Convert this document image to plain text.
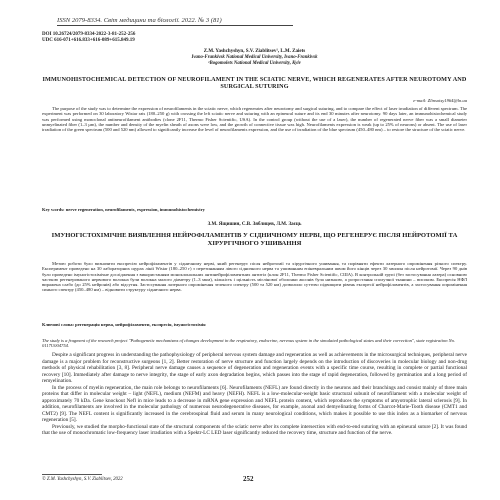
ISSN 2079-8334. Світ медицини та біології. 2022. № 3 (81)
DOI 10.26724/2079-8334-2022-3-81-252-256
UDC 616-071+616.833+616-089+615.849.19
Z.M. Yashchyshyn, S.V. Ziablitsev¹, L.M. Zaiets
Ivano-Frankivsk National Medical University, Ivano-Frankivsk
¹Bogomolets National Medical University, Kyiv
IMMUNOHISTOCHEMICAL DETECTION OF NEUROFILAMENT IN THE SCIATIC NERVE, WHICH REGENERATES AFTER NEUROTOMY AND SURGICAL SUTURING
e-mail: Zlinsotsy1964@ln.ua
The purpose of the study was to determine the expression of neurofilaments in the sciatic nerve, which regenerates after neurotomy and surgical suturing, and to compare the effect of laser irradiation of different spectrum. The experiment was performed on 30 laboratory Wistar rats (180–250 g) with crossing the left sciatic nerve and suturing with an epineural suture and its end 30 minutes after neurotomy. 90 days later, an immunohistochemical study was performed using monoclonal antineurofilament antibodies (clone 2F11, Thermo Fisher Scientific, USA). In the control group (without the use of a laser), the number of regenerated nerve fiber was a small diameter unmyelinated fiber (1–3 µm), the number and density of the myelin sheath of axons were low, and the growth of connective tissue was high. Neurofilaments expression is weak (up to 25% of neurons) or absent. The use of laser irradiation of the green spectrum (500 and 520 nm) allowed to significantly increase the level of neurofilaments expression, and the use of irradiation of the blue spectrum (450–480 nm) – to restore the structure of the sciatic nerve.
Key words: nerve regeneration, neurofilaments, expression, immunohistochemistry
З.М. Ящишин, С.В. Зяблицев, Л.М. Заєць
ІМУНОГІСТОХІМІЧНЕ ВИЯВЛЕННЯ НЕЙРОФІЛАМЕНТІВ У СІДНИЧНОМУ НЕРВІ, ЩО РЕГЕНЕРУЄ ПІСЛЯ НЕЙРОТОМІЇ ТА ХІРУРГІЧНОГО УШИВАННЯ
Метою роботи було визначити експресію нейрофіламентів у сідничному нерві, який регенерує після нейротомії та хірургічного ушивання, та порівняти ефекти лазерного опромінення різного спектру. Експеримент проведено на 30 лабораторних щурах лінії Wistar (180–250 г) з перетинанням лівого сідничного нерва та ушиванням епіневральним швом його кінців через 30 хвилин після нейротомії. Через 90 днів було проведено імуногістохімічне дослідження з використанням моноклональних антинейрофіламентних антитіл (клон 2F11, Thermo Fisher Scientific, США). В контрольній групі (без застосування лазера) основною часткою регенерованого нервового волокна були волокна малого діаметру (1–3 мкм), кількість і щільність мієлінової оболонки аксонів була низькою, а розростання сполучної тканини – високим. Експресія НФЛ виражена слабо (до 25% нейронів) або відсутня. Застосування лазерного опромінення зеленого спектру (500 та 520 нм) дозволило суттєво підвищити рівень експресії нейрофіламентів, а застосування опромінення синього спектру (450–480 нм) – відновити структуру сідничного нерва.
Ключові слова: регенерація нерва, нейрофіламенти, експресія, імуногістохімія
The study is a fragment of the research project "Pathogenetic mechanisms of changes development in the respiratory, endocrine, nervous system in the simulated pathological states and their correction", state registration No. 0117U004754.

Despite a significant progress in understanding the pathophysiology of peripheral nervous system damage and regeneration as well as achievements in the microsurgical techniques, peripheral nerve damage is a major problem for reconstructive surgeons [1, 2]. Better restoration of nerve structure and function largely depends on the introduction of discoveries in molecular biology and non-drug methods of physical rehabilitation [3, 8]. Peripheral nerve damage causes a sequence of degeneration and regeneration events with a specific time course, resulting in complete or partial functional recovery [10]. Immediately after damage to nerve integrity, the stage of early axon degradation begins, which passes into the stage of rapid degeneration, followed by germination and a long period of remyelination.

In the process of myelin regeneration, the main role belongs to neurofilaments [6]. Neurofilaments (NEFL) are found directly in the neurons and their branchings and consist mainly of three main proteins that differ in molecular weight – light (NEFL), medium (NEFM) and heavy (NEFH). NEFL is a low-molecular-weight basic structural subunit of neurofilament with a molecular weight of approximately 70 kDa. Gene knockout Nefl in mice leads to a decrease in mRNA gene expression and NEFL protein content, which reproduces the symptoms of amyotrophic lateral sclerosis [9]. In addition, neurofilaments are involved in the molecular pathology of numerous neurodegenerative diseases, for example, axonal and demyelinating forms of Charcot-Marie-Tooth disease (CMT1 and CMT2) [9]. The NEFL content is significantly increased in the cerebrospinal fluid and serum in many neurological conditions, which makes it possible to use this index as a biomarker of nervous regeneration [5].

Previously, we studied the morpho-functional state of the structural components of the sciatic nerve after its complete intersection with end-to-end suturing with an epineural suture [2]. It was found that the use of monochromatic low-frequency laser irradiation with a Spektr-LC LED laser significantly reduced the recovery time, structure and function of the nerve.

© Z.M. Yashchyshyn, S.V. Ziablitsev, 2022	252
